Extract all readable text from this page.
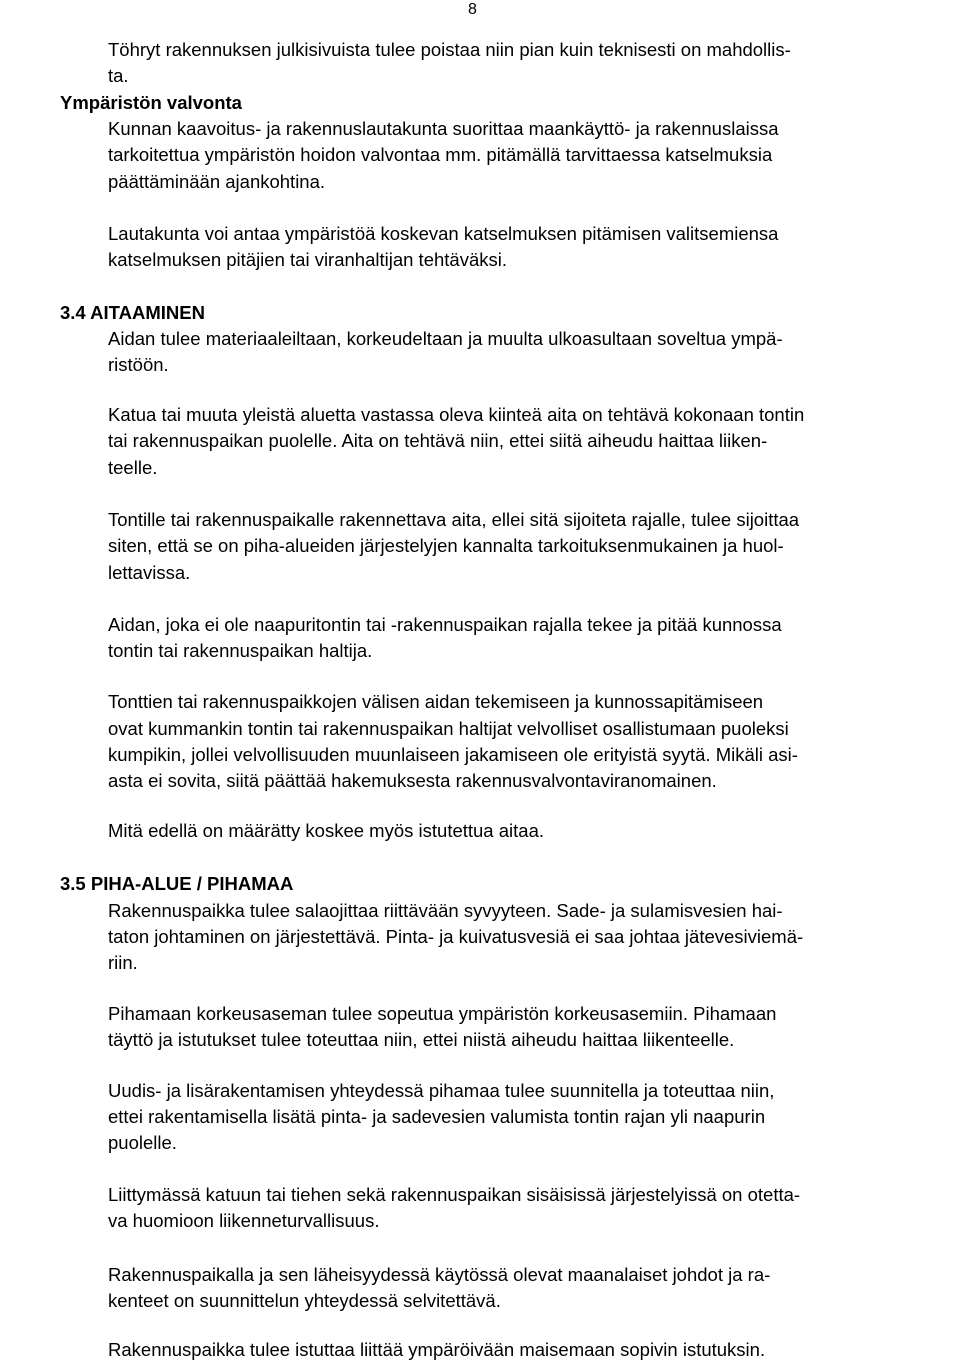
8
Töhryt rakennuksen julkisivuista tulee poistaa niin pian kuin teknisesti on mahdollis-
ta.
Ympäristön valvonta
Kunnan kaavoitus- ja rakennuslautakunta suorittaa maankäyttö- ja rakennuslaissa
tarkoitettua ympäristön hoidon valvontaa mm. pitämällä tarvittaessa katselmuksia
päättäminään ajankohtina.
Lautakunta voi antaa ympäristöä koskevan katselmuksen pitämisen valitsemiensa
katselmuksen pitäjien tai viranhaltijan tehtäväksi.
3.4 AITAAMINEN
Aidan tulee materiaaleiltaan, korkeudeltaan ja muulta ulkoasultaan soveltua ympä-
ristöön.
Katua tai muuta yleistä aluetta vastassa oleva kiinteä aita on tehtävä kokonaan tontin
tai rakennuspaikan puolelle. Aita on tehtävä niin, ettei siitä aiheudu haittaa liiken-
teelle.
Tontille tai rakennuspaikalle rakennettava aita, ellei sitä sijoiteta rajalle, tulee sijoittaa
siten, että se on piha-alueiden järjestelyjen kannalta tarkoituksenmukainen ja huol-
lettavissa.
Aidan, joka ei ole naapuritontin tai -rakennuspaikan rajalla tekee ja pitää kunnossa
tontin tai rakennuspaikan haltija.
Tonttien tai rakennuspaikkojen välisen aidan tekemiseen ja kunnossapitämiseen
ovat kummankin tontin tai rakennuspaikan haltijat velvolliset osallistumaan puoleksi
kumpikin, jollei velvollisuuden muunlaiseen jakamiseen ole erityistä syytä. Mikäli asi-
asta ei sovita, siitä päättää hakemuksesta rakennusvalvontaviranomainen.
Mitä edellä on määrätty koskee myös istutettua aitaa.
3.5 PIHA-ALUE / PIHAMAA
Rakennuspaikka tulee salaojittaa riittävään syvyyteen. Sade- ja sulamisvesien hai-
taton johtaminen on järjestettävä. Pinta- ja kuivatusvesiä ei saa johtaa jätevesiviemä-
riin.
Pihamaan korkeusaseman tulee sopeutua ympäristön korkeusasemiin. Pihamaan
täyttö ja istutukset tulee toteuttaa niin, ettei niistä aiheudu haittaa liikenteelle.
Uudis- ja lisärakentamisen yhteydessä pihamaa tulee suunnitella ja toteuttaa niin,
ettei rakentamisella lisätä pinta- ja sadevesien valumista tontin rajan yli naapurin
puolelle.
Liittymässä katuun tai tiehen sekä rakennuspaikan sisäisissä järjestelyissä on otetta-
va huomioon liikenneturvallisuus.
Rakennuspaikalla ja sen läheisyydessä käytössä olevat maanalaiset johdot ja ra-
kenteet on suunnittelun yhteydessä selvitettävä.
Rakennuspaikka tulee istuttaa liittää ympäröivään maisemaan sopivin istutuksin.
